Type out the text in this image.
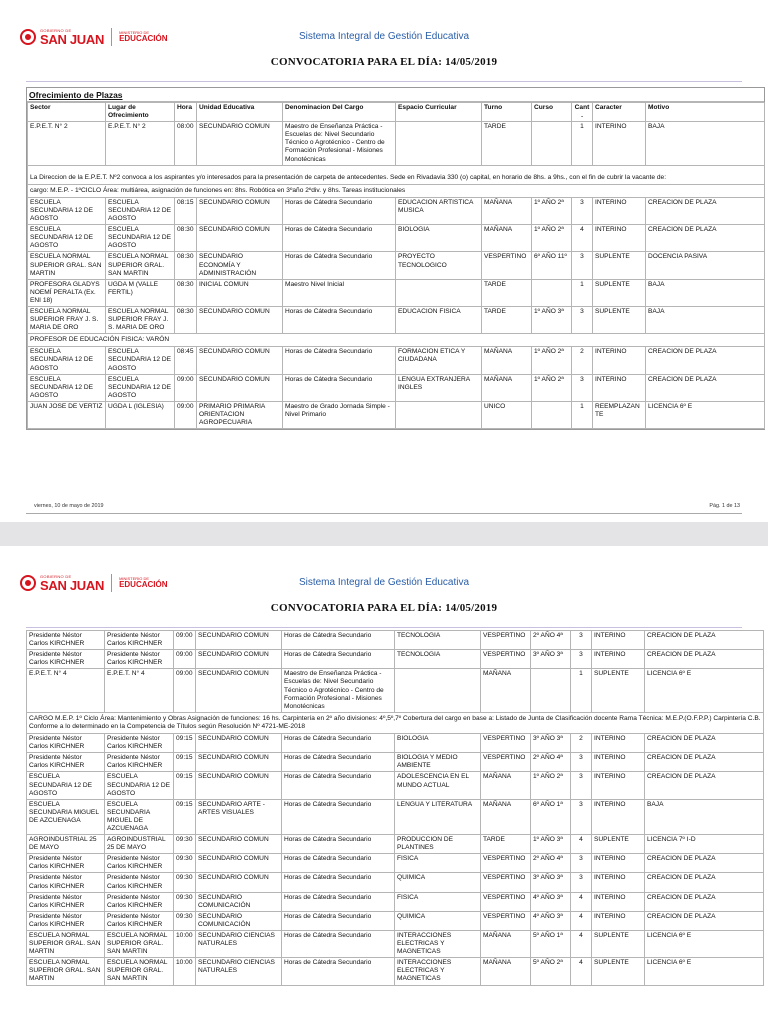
GOBIERNO DE
SAN JUAN	MINISTERIO DE
EDUCACIÓN	Sistema Integral de Gestión Educativa
CONVOCATORIA PARA EL DÍA: 14/05/2019
Ofrecimiento de Plazas
Sector	Lugar de Ofrecimiento	Hora	Unidad Educativa	Denominacion Del Cargo	Espacio Curricular	Turno	Curso	Cant.	Caracter	Motivo
E.P.E.T. N° 2	E.P.E.T. N° 2	08:00	SECUNDARIO COMUN	Maestro de Enseñanza Práctica - Escuelas de: Nivel Secundario Técnico o Agrotécnico - Centro de Formación Profesional - Misiones Monotécnicas		TARDE		1	INTERINO	BAJA
La Direccion de la E.P.E.T. Nº2 convoca a los aspirantes y/o interesados para la presentación de carpeta de antecedentes. Sede en Rivadavia 330 (o) capital, en horario de 8hs. a 9hs., con el fin de cubrir la vacante de:										
cargo: M.E.P. - 1ºCICLO Área: multiárea, asignación de funciones en: 8hs. Robótica en 3ºaño 2ºdiv. y 8hs. Tareas institucionales										
ESCUELA SECUNDARIA 12 DE AGOSTO	ESCUELA SECUNDARIA 12 DE AGOSTO	08:15	SECUNDARIO COMUN	Horas de Cátedra Secundario	EDUCACION ARTISTICA MUSICA	MAÑANA	1º AÑO 2ª	3	INTERINO	CREACION DE PLAZA
ESCUELA SECUNDARIA 12 DE AGOSTO	ESCUELA SECUNDARIA 12 DE AGOSTO	08:30	SECUNDARIO COMUN	Horas de Cátedra Secundario	BIOLOGIA	MAÑANA	1º AÑO 2ª	4	INTERINO	CREACION DE PLAZA
ESCUELA NORMAL SUPERIOR GRAL. SAN MARTIN	ESCUELA NORMAL SUPERIOR GRAL. SAN MARTIN	08:30	SECUNDARIO ECONOMÍA Y ADMINISTRACIÓN	Horas de Cátedra Secundario	PROYECTO TECNOLOGICO	VESPERTINO	6º AÑO 11º	3	SUPLENTE	DOCENCIA PASIVA
PROFESORA GLADYS NOEMÍ PERALTA (Ex. ENI 18)	UGDA M (VALLE FERTIL)	08:30	INICIAL COMUN	Maestro Nivel Inicial		TARDE		1	SUPLENTE	BAJA
ESCUELA NORMAL SUPERIOR FRAY J. S. MARIA DE ORO	ESCUELA NORMAL SUPERIOR FRAY J. S. MARIA DE ORO	08:30	SECUNDARIO COMUN	Horas de Cátedra Secundario	EDUCACION FISICA	TARDE	1º AÑO 3ª	3	SUPLENTE	BAJA
PROFESOR DE EDUCACIÓN FISICA: VARÓN										
ESCUELA SECUNDARIA 12 DE AGOSTO	ESCUELA SECUNDARIA 12 DE AGOSTO	08:45	SECUNDARIO COMUN	Horas de Cátedra Secundario	FORMACION ETICA Y CIUDADANA	MAÑANA	1º AÑO 2ª	2	INTERINO	CREACION DE PLAZA
ESCUELA SECUNDARIA 12 DE AGOSTO	ESCUELA SECUNDARIA 12 DE AGOSTO	09:00	SECUNDARIO COMUN	Horas de Cátedra Secundario	LENGUA EXTRANJERA INGLES	MAÑANA	1º AÑO 2ª	3	INTERINO	CREACION DE PLAZA
JUAN JOSE DE VERTIZ	UGDA L (IGLESIA)	09:00	PRIMARIO PRIMARIA ORIENTACION AGROPECUARIA	Maestro de Grado Jornada Simple - Nivel Primario		UNICO		1	REEMPLAZAN TE	LICENCIA 6º E
viernes, 10 de mayo de 2019	Pág. 1 de 13
GOBIERNO DE
SAN JUAN	MINISTERIO DE
EDUCACIÓN	Sistema Integral de Gestión Educativa
CONVOCATORIA PARA EL DÍA: 14/05/2019
Presidente Néstor Carlos KIRCHNER	Presidente Néstor Carlos KIRCHNER	09:00	SECUNDARIO COMUN	Horas de Cátedra Secundario	TECNOLOGIA	VESPERTINO	2º AÑO 4ª	3	INTERINO	CREACION DE PLAZA
Presidente Néstor Carlos KIRCHNER	Presidente Néstor Carlos KIRCHNER	09:00	SECUNDARIO COMUN	Horas de Cátedra Secundario	TECNOLOGIA	VESPERTINO	3º AÑO 3ª	3	INTERINO	CREACION DE PLAZA
E.P.E.T. N° 4	E.P.E.T. N° 4	09:00	SECUNDARIO COMUN	Maestro de Enseñanza Práctica - Escuelas de: Nivel Secundario Técnico o Agrotécnico - Centro de Formación Profesional - Misiones Monotécnicas		MAÑANA		1	SUPLENTE	LICENCIA 6º E
CARGO M.E.P. 1º Ciclo Área: Mantenimiento y Obras Asignación de funciones: 16 hs. Carpintería en 2º año divisiones: 4º,5º,7º Cobertura del cargo en base a: Listado de Junta de Clasificación docente Rama Técnica: M.E.P.(O.F.P.P.) Carpintería C.B. Conforme a lo determinado en la Competencia de Títulos según Resolución Nº 4721-ME-2018										
Presidente Néstor Carlos KIRCHNER	Presidente Néstor Carlos KIRCHNER	09:15	SECUNDARIO COMUN	Horas de Cátedra Secundario	BIOLOGIA	VESPERTINO	3º AÑO 3ª	2	INTERINO	CREACION DE PLAZA
Presidente Néstor Carlos KIRCHNER	Presidente Néstor Carlos KIRCHNER	09:15	SECUNDARIO COMUN	Horas de Cátedra Secundario	BIOLOGIA Y MEDIO AMBIENTE	VESPERTINO	2º AÑO 4ª	3	INTERINO	CREACION DE PLAZA
ESCUELA SECUNDARIA 12 DE AGOSTO	ESCUELA SECUNDARIA 12 DE AGOSTO	09:15	SECUNDARIO COMUN	Horas de Cátedra Secundario	ADOLESCENCIA EN EL MUNDO ACTUAL	MAÑANA	1º AÑO 2ª	3	INTERINO	CREACION DE PLAZA
ESCUELA SECUNDARIA MIGUEL DE AZCUENAGA	ESCUELA SECUNDARIA MIGUEL DE AZCUENAGA	09:15	SECUNDARIO ARTE - ARTES VISUALES	Horas de Cátedra Secundario	LENGUA Y LITERATURA	MAÑANA	6º AÑO 1ª	3	INTERINO	BAJA
AGROINDUSTRIAL 25 DE MAYO	AGROINDUSTRIAL 25 DE MAYO	09:30	SECUNDARIO COMUN	Horas de Cátedra Secundario	PRODUCCION DE PLANTINES	TARDE	1º AÑO 3ª	4	SUPLENTE	LICENCIA 7º I-D
Presidente Néstor Carlos KIRCHNER	Presidente Néstor Carlos KIRCHNER	09:30	SECUNDARIO COMUN	Horas de Cátedra Secundario	FISICA	VESPERTINO	2º AÑO 4ª	3	INTERINO	CREACION DE PLAZA
Presidente Néstor Carlos KIRCHNER	Presidente Néstor Carlos KIRCHNER	09:30	SECUNDARIO COMUN	Horas de Cátedra Secundario	QUIMICA	VESPERTINO	3º AÑO 3ª	3	INTERINO	CREACION DE PLAZA
Presidente Néstor Carlos KIRCHNER	Presidente Néstor Carlos KIRCHNER	09:30	SECUNDARIO COMUNICACIÓN	Horas de Cátedra Secundario	FISICA	VESPERTINO	4º AÑO 3ª	4	INTERINO	CREACION DE PLAZA
Presidente Néstor Carlos KIRCHNER	Presidente Néstor Carlos KIRCHNER	09:30	SECUNDARIO COMUNICACIÓN	Horas de Cátedra Secundario	QUIMICA	VESPERTINO	4º AÑO 3ª	4	INTERINO	CREACION DE PLAZA
ESCUELA NORMAL SUPERIOR GRAL. SAN MARTIN	ESCUELA NORMAL SUPERIOR GRAL. SAN MARTIN	10:00	SECUNDARIO CIENCIAS NATURALES	Horas de Cátedra Secundario	INTERACCIONES ELECTRICAS Y MAGNETICAS	MAÑANA	5º AÑO 1ª	4	SUPLENTE	LICENCIA 6º E
ESCUELA NORMAL SUPERIOR GRAL. SAN MARTIN	ESCUELA NORMAL SUPERIOR GRAL. SAN MARTIN	10:00	SECUNDARIO CIENCIAS NATURALES	Horas de Cátedra Secundario	INTERACCIONES ELECTRICAS Y MAGNETICAS	MAÑANA	5º AÑO 2ª	4	SUPLENTE	LICENCIA 6º E
